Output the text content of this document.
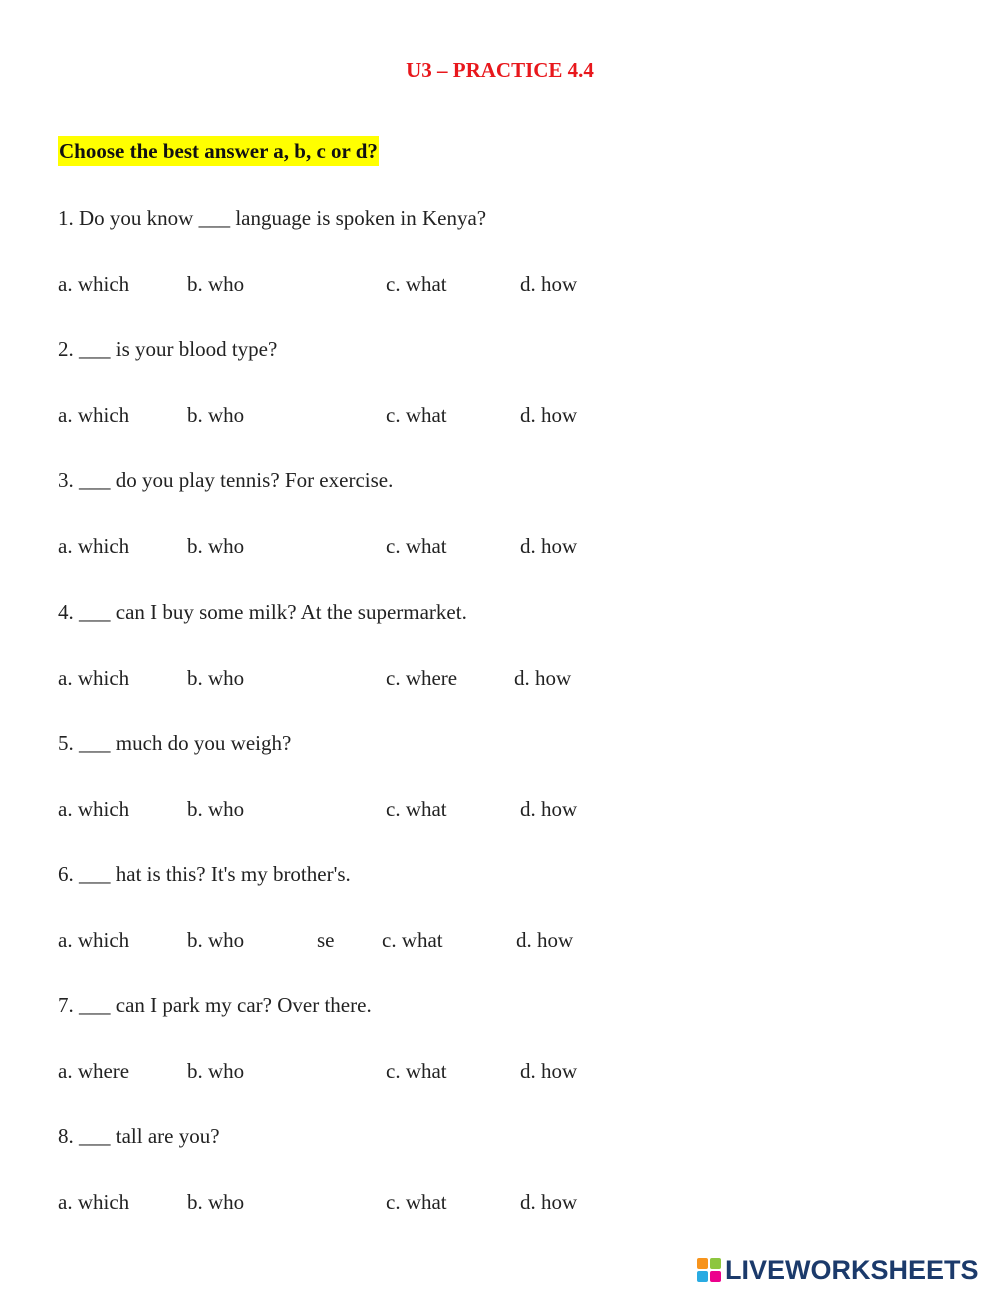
U3 – PRACTICE 4.4
Choose the best answer a, b, c or d?
1. Do you know ___ language is spoken in Kenya?
a. which	b. who	c. what	d. how
2. ___ is your blood type?
a. which	b. who	c. what	d. how
3. ___ do you play tennis? For exercise.
a. which	b. who	c. what	d. how
4. ___ can I buy some milk? At the supermarket.
a. which	b. who	c. where	d. how
5. ___ much do you weigh?
a. which	b. who	c. what	d. how
6. ___ hat is this? It's my brother's.
a. which	b. who	se c. what	d. how
7. ___ can I park my car? Over there.
a. where	b. who	c. what	d. how
8. ___ tall are you?
a. which	b. who	c. what	d. how
LIVEWORKSHEETS
